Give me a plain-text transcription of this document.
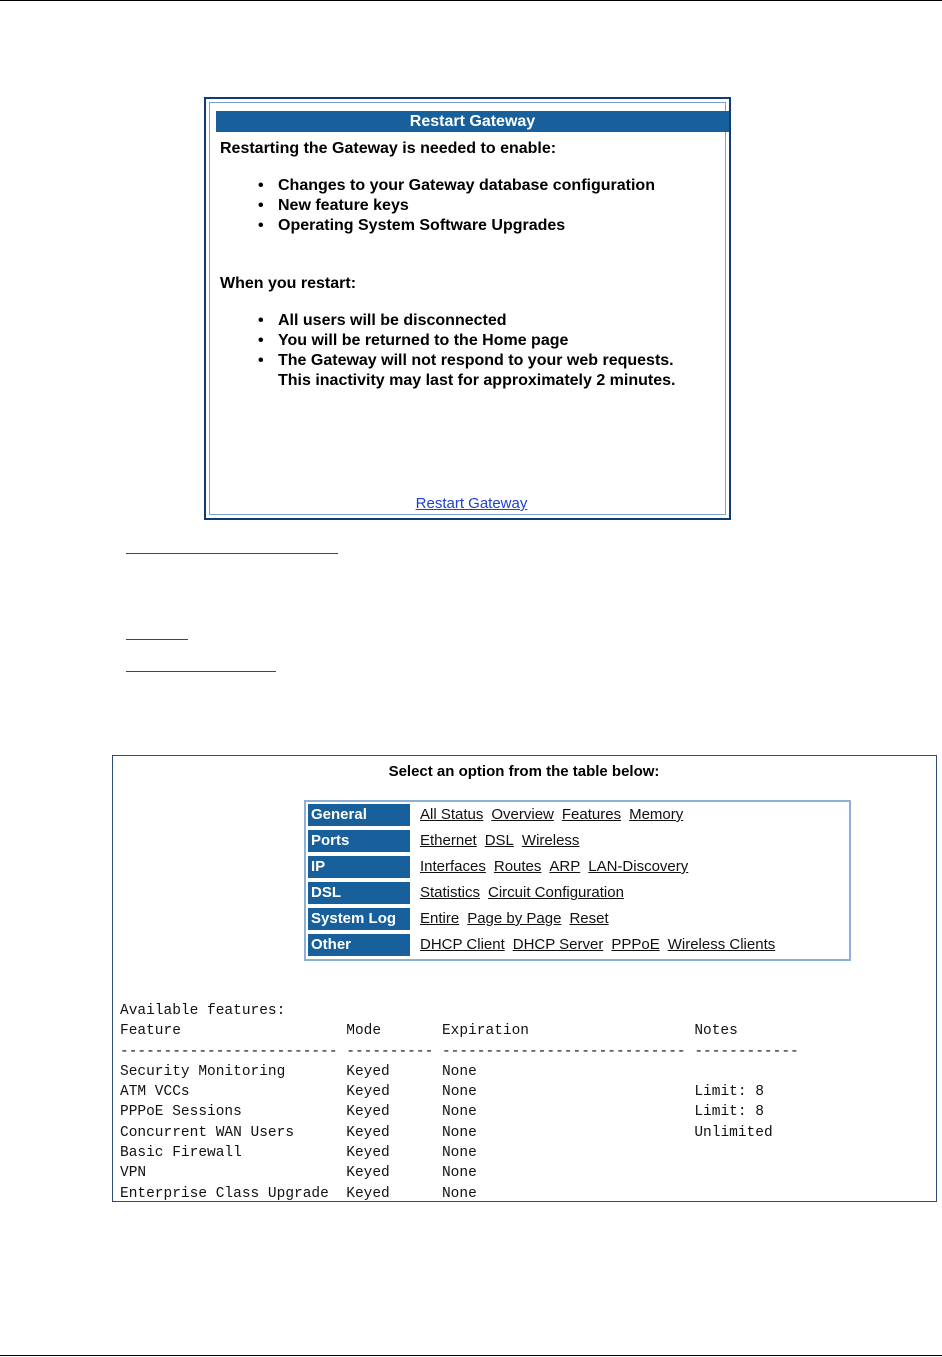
Restart Gateway
Restarting the Gateway is needed to enable:
• Changes to your Gateway database configuration
• New feature keys
• Operating System Software Upgrades
When you restart:
• All users will be disconnected
• You will be returned to the Home page
• The Gateway will not respond to your web requests. This inactivity may last for approximately 2 minutes.
Restart Gateway
Select an option from the table below:
General	All Status Overview Features Memory
Ports	Ethernet DSL Wireless
IP	Interfaces Routes ARP LAN-Discovery
DSL	Statistics Circuit Configuration
System Log	Entire Page by Page Reset
Other	DHCP Client DHCP Server PPPoE Wireless Clients
Available features:
Feature	Mode	Expiration	Notes
------------------------- ---------- ---------------------------- ------------
Security Monitoring	Keyed	None
ATM VCCs	Keyed	None	Limit: 8
PPPoE Sessions	Keyed	None	Limit: 8
Concurrent WAN Users	Keyed	None	Unlimited
Basic Firewall	Keyed	None
VPN	Keyed	None
Enterprise Class Upgrade Keyed	None
